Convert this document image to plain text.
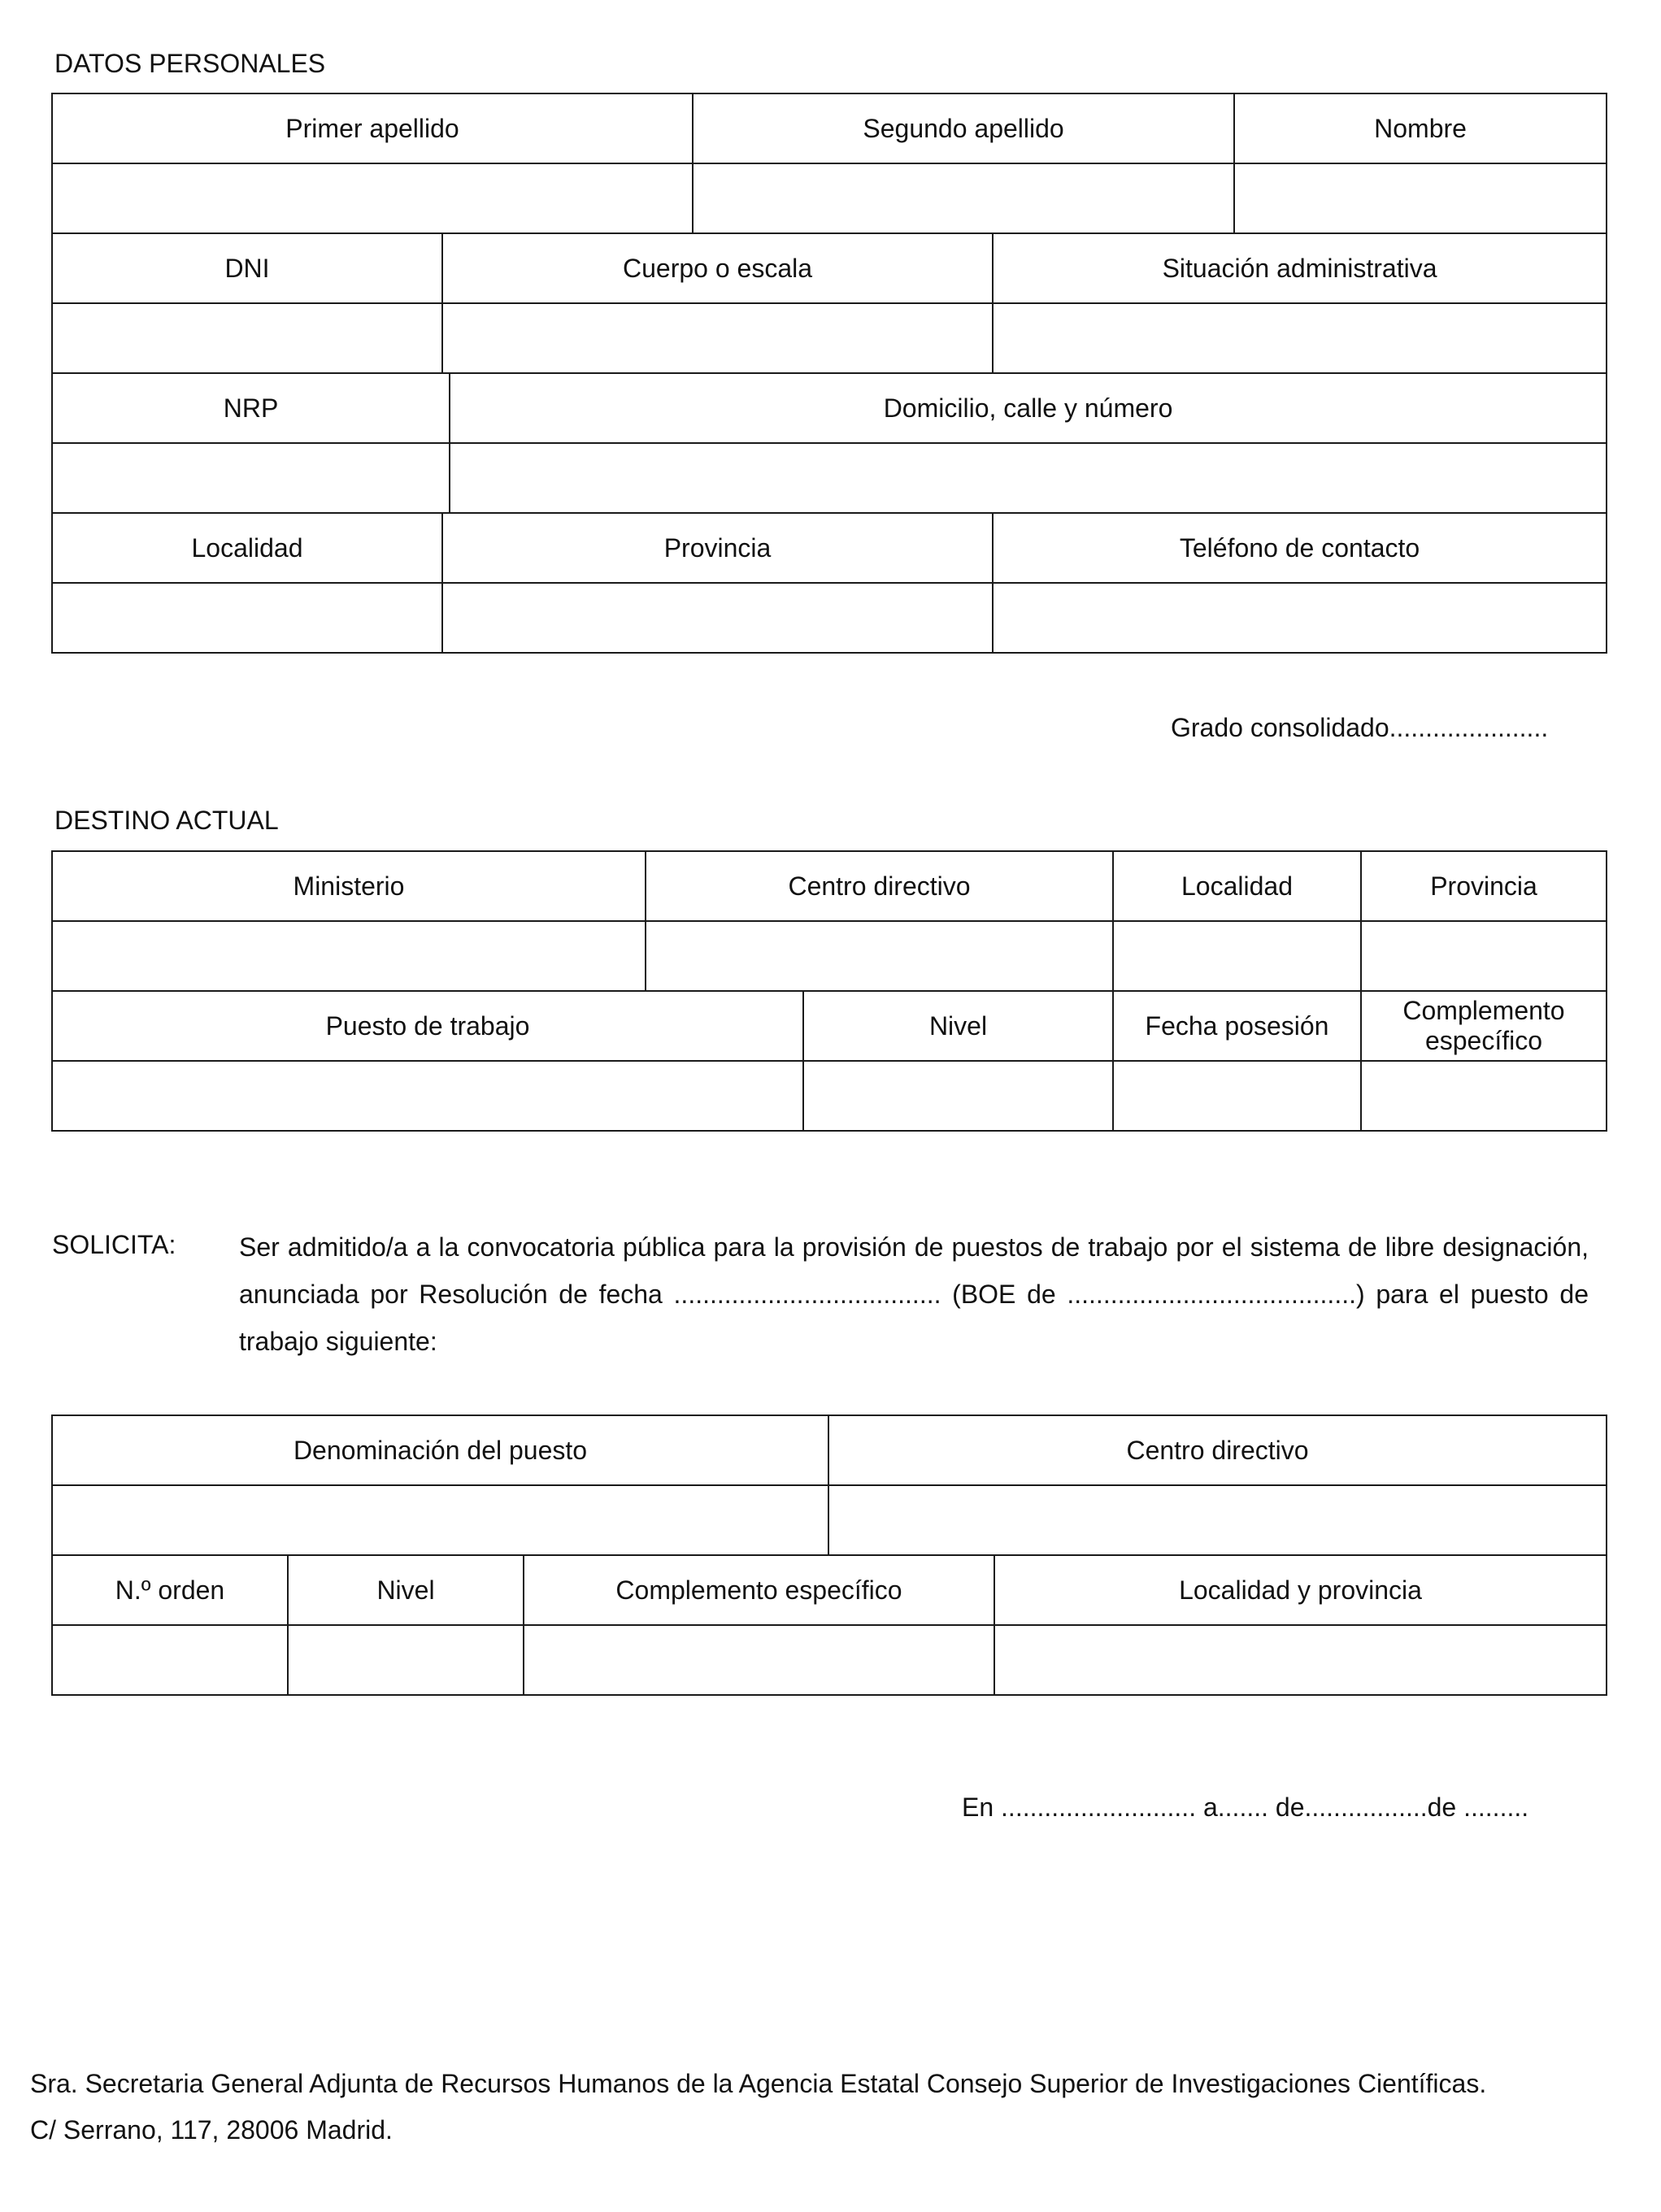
DATOS PERSONALES
Primer apellido			Segundo apellido		Nombre

DNI	Cuerpo o escala			Situación administrativa	

NRP		Domicilio, calle y número			

Localidad	Provincia			Teléfono de contacto	

Grado consolidado......................
DESTINO ACTUAL
Ministerio	Centro directivo		Localidad	Provincia

Puesto de trabajo		Nivel	Fecha posesión	Complemento específico

SOLICITA: Ser admitido/a a la convocatoria pública para la provisión de puestos de trabajo por el sistema de libre designación, anunciada por Resolución de fecha ..................................... (BOE de ........................................) para el puesto de trabajo siguiente:
Denominación del puesto			Centro directivo	

N.º orden	Nivel	Complemento específico		Localidad y provincia

En ........................... a....... de.................de .........
Sra. Secretaria General Adjunta de Recursos Humanos de la Agencia Estatal Consejo Superior de Investigaciones Científicas.
C/ Serrano, 117, 28006 Madrid.
